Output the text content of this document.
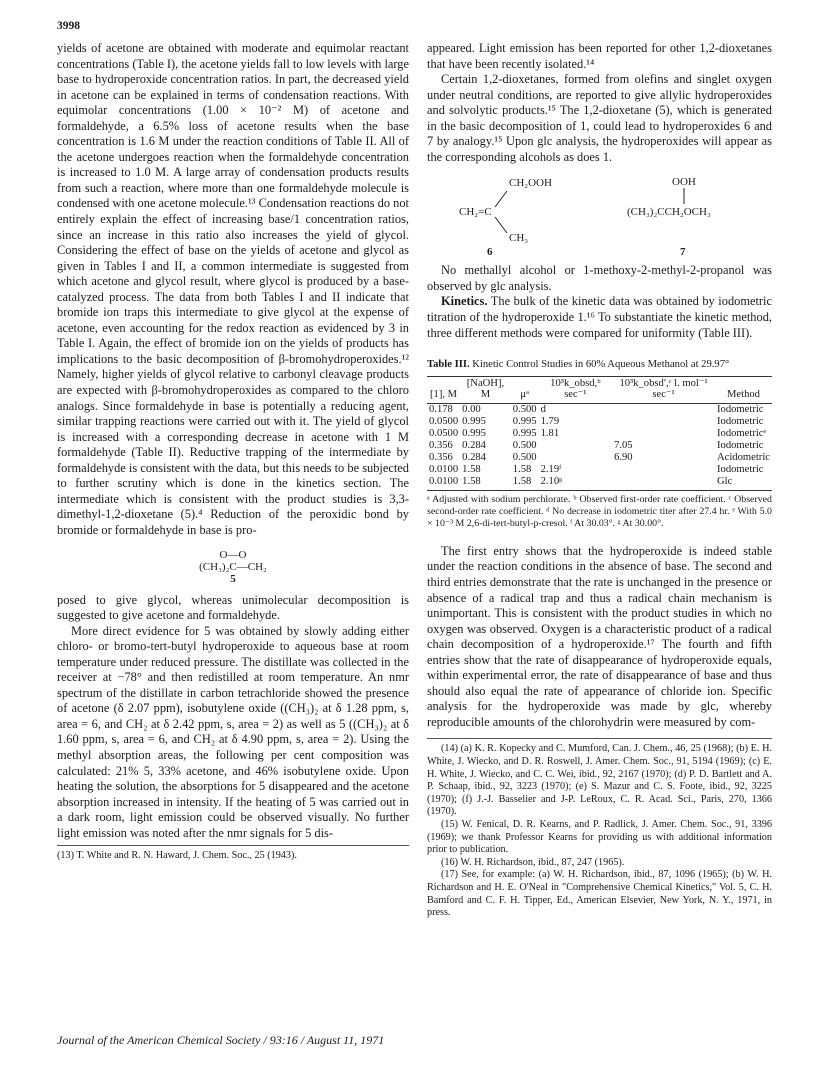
3998

yields of acetone are obtained with moderate and equimolar reactant concentrations (Table I), the acetone yields fall to low levels with large base to hydroperoxide concentration ratios. In part, the decreased yield in acetone can be explained in terms of condensation reactions. With equimolar concentrations (1.00 × 10⁻² M) of acetone and formaldehyde, a 6.5% loss of acetone results when the base concentration is 1.6 M under the reaction conditions of Table II. All of the acetone undergoes reaction when the formaldehyde concentration is increased to 1.0 M. A large array of condensation products results from such a reaction, where more than one formaldehyde molecule is condensed with one acetone molecule.¹³ Condensation reactions do not entirely explain the effect of increasing base/1 concentration ratios, since an increase in this ratio also increases the yield of glycol. Considering the effect of base on the yields of acetone and glycol as given in Tables I and II, a common intermediate is suggested from which acetone and glycol result, where glycol is produced by a base-catalyzed process. The data from both Tables I and II indicate that bromide ion traps this intermediate to give glycol at the expense of acetone, even accounting for the redox reaction as evidenced by 3 in Table I. Again, the effect of bromide ion on the yields of products has implications to the basic decomposition of β-bromohydroperoxides.¹² Namely, higher yields of glycol relative to carbonyl cleavage products are expected with β-bromohydroperoxides as compared to the chloro analogs. Since formaldehyde in base is potentially a reducing agent, similar trapping reactions were carried out with it. The yield of glycol is increased with a corresponding decrease in acetone with 1 M formaldehyde (Table II). Reductive trapping of the intermediate by formaldehyde is consistent with the data, but this needs to be subjected to further scrutiny which is done in the kinetics section. The intermediate which is consistent with the product studies is 3,3-dimethyl-1,2-dioxetane (5).⁴ Reduction of the peroxidic bond by bromide or formaldehyde in base is pro-

O—O
(CH₃)₂C—CH₂
5

posed to give glycol, whereas unimolecular decomposition is suggested to give acetone and formaldehyde.

More direct evidence for 5 was obtained by slowly adding either chloro- or bromo-tert-butyl hydroperoxide to aqueous base at room temperature under reduced pressure. The distillate was collected in the receiver at −78° and then redistilled at room temperature. An nmr spectrum of the distillate in carbon tetrachloride showed the presence of acetone (δ 2.07 ppm), isobutylene oxide ((CH₃)₂ at δ 1.28 ppm, s, area = 6, and CH₂ at δ 2.42 ppm, s, area = 2) as well as 5 ((CH₃)₂ at δ 1.60 ppm, s, area = 6, and CH₂ at δ 4.90 ppm, s, area = 2). Using the methyl absorption areas, the following per cent composition was calculated: 21% 5, 33% acetone, and 46% isobutylene oxide. Upon heating the solution, the absorptions for 5 disappeared and the acetone absorption increased in intensity. If the heating of 5 was carried out in a dark room, light emission could be observed visually. No further light emission was noted after the nmr signals for 5 dis-

(13) T. White and R. N. Haward, J. Chem. Soc., 25 (1943).

appeared. Light emission has been reported for other 1,2-dioxetanes that have been recently isolated.¹⁴

Certain 1,2-dioxetanes, formed from olefins and singlet oxygen under neutral conditions, are reported to give allylic hydroperoxides and solvolytic products.¹⁵ The 1,2-dioxetane (5), which is generated in the basic decomposition of 1, could lead to hydroperoxides 6 and 7 by analogy.¹⁵ Upon glc analysis, the hydroperoxides will appear as the corresponding alcohols as does 1.

CH₂OOH
CH₂=C
CH₃
6
OOH
(CH₃)₂CCH₂OCH₃
7

No methallyl alcohol or 1-methoxy-2-methyl-2-propanol was observed by glc analysis.

Kinetics. The bulk of the kinetic data was obtained by iodometric titration of the hydroperoxide 1.¹⁶ To substantiate the kinetic method, three different methods were compared for uniformity (Table III).

Table III. Kinetic Control Studies in 60% Aqueous Methanol at 29.97°
[1], M	[NaOH], M	μᵃ	10³k_obsd,ᵇ sec⁻¹	10³k_obsd′,ᶜ l. mol⁻¹ sec⁻¹	Method
0.178	0.00	0.500	d		Iodometric
0.0500	0.995	0.995	1.79		Iodometric
0.0500	0.995	0.995	1.81		Iodometricᵉ
0.356	0.284	0.500		7.05	Iodometric
0.356	0.284	0.500		6.90	Acidometric
0.0100	1.58	1.58	2.19ᶠ		Iodometric
0.0100	1.58	1.58	2.10ᵍ		Glc
ᵃ Adjusted with sodium perchlorate. ᵇ Observed first-order rate coefficient. ᶜ Observed second-order rate coefficient. ᵈ No decrease in iodometric titer after 27.4 hr. ᵉ With 5.0 × 10⁻³ M 2,6-di-tert-butyl-p-cresol. ᶠ At 30.03°. ᵍ At 30.00°.

The first entry shows that the hydroperoxide is indeed stable under the reaction conditions in the absence of base. The second and third entries demonstrate that the rate is unchanged in the presence or absence of a radical trap and thus a radical chain mechanism is unimportant. This is consistent with the product studies in which no oxygen was observed. Oxygen is a characteristic product of a radical chain decomposition of a hydroperoxide.¹⁷ The fourth and fifth entries show that the rate of disappearance of hydroperoxide equals, within experimental error, the rate of disappearance of base and thus should also equal the rate of appearance of chloride ion. Specific analysis for the hydroperoxide was made by glc, whereby reproducible amounts of the chlorohydrin were measured by com-

(14) (a) K. R. Kopecky and C. Mumford, Can. J. Chem., 46, 25 (1968); (b) E. H. White, J. Wiecko, and D. R. Roswell, J. Amer. Chem. Soc., 91, 5194 (1969); (c) E. H. White, J. Wiecko, and C. C. Wei, ibid., 92, 2167 (1970); (d) P. D. Bartlett and A. P. Schaap, ibid., 92, 3223 (1970); (e) S. Mazur and C. S. Foote, ibid., 92, 3225 (1970); (f) J.-J. Basselier and J-P. LeRoux, C. R. Acad. Sci., Paris, 270, 1366 (1970).
(15) W. Fenical, D. R. Kearns, and P. Radlick, J. Amer. Chem. Soc., 91, 3396 (1969); we thank Professor Kearns for providing us with additional information prior to publication.
(16) W. H. Richardson, ibid., 87, 247 (1965).
(17) See, for example: (a) W. H. Richardson, ibid., 87, 1096 (1965); (b) W. H. Richardson and H. E. O'Neal in "Comprehensive Chemical Kinetics," Vol. 5, C. H. Bamford and C. F. H. Tipper, Ed., American Elsevier, New York, N. Y., 1971, in press.
Journal of the American Chemical Society / 93:16 / August 11, 1971
